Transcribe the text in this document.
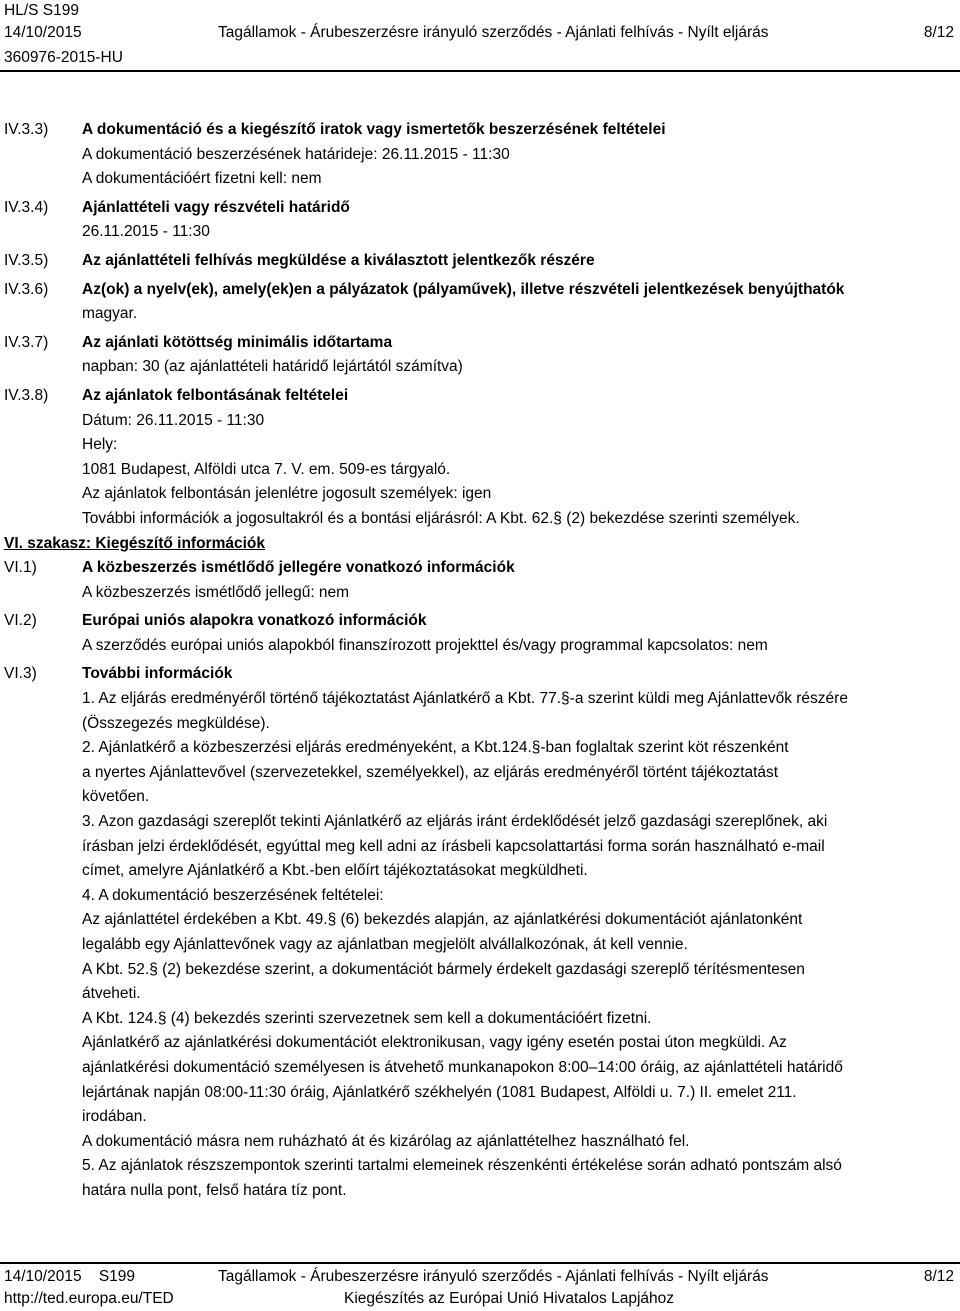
HL/S S199
14/10/2015	Tagállamok - Árubeszerzésre irányuló szerződés - Ajánlati felhívás - Nyílt eljárás	8/12
360976-2015-HU
IV.3.3)	A dokumentáció és a kiegészítő iratok vagy ismertetők beszerzésének feltételei
A dokumentáció beszerzésének határideje: 26.11.2015 - 11:30
A dokumentációért fizetni kell: nem
IV.3.4)	Ajánlattételi vagy részvételi határidő
26.11.2015 - 11:30
IV.3.5)	Az ajánlattételi felhívás megküldése a kiválasztott jelentkezők részére
IV.3.6)	Az(ok) a nyelv(ek), amely(ek)en a pályázatok (pályaművek), illetve részvételi jelentkezések benyújthatók
magyar.
IV.3.7)	Az ajánlati kötöttség minimális időtartama
napban: 30 (az ajánlattételi határidő lejártától számítva)
IV.3.8)	Az ajánlatok felbontásának feltételei
Dátum: 26.11.2015 - 11:30
Hely:
1081 Budapest, Alföldi utca 7. V. em. 509-es tárgyaló.
Az ajánlatok felbontásán jelenlétre jogosult személyek: igen
További információk a jogosultakról és a bontási eljárásról: A Kbt. 62.§ (2) bekezdése szerinti személyek.
VI. szakasz: Kiegészítő információk
VI.1)	A közbeszerzés ismétlődő jellegére vonatkozó információk
A közbeszerzés ismétlődő jellegű: nem
VI.2)	Európai uniós alapokra vonatkozó információk
A szerződés európai uniós alapokból finanszírozott projekttel és/vagy programmal kapcsolatos: nem
VI.3)	További információk
1. Az eljárás eredményéről történő tájékoztatást Ajánlatkérő a Kbt. 77.§-a szerint küldi meg Ajánlattevők részére
(Összegezés megküldése).
2. Ajánlatkérő a közbeszerzési eljárás eredményeként, a Kbt.124.§-ban foglaltak szerint köt részenként
a nyertes Ajánlattevővel (szervezetekkel, személyekkel), az eljárás eredményéről történt tájékoztatást
követően.
3. Azon gazdasági szereplőt tekinti Ajánlatkérő az eljárás iránt érdeklődését jelző gazdasági szereplőnek, aki
írásban jelzi érdeklődését, egyúttal meg kell adni az írásbeli kapcsolattartási forma során használható e-mail
címet, amelyre Ajánlatkérő a Kbt.-ben előírt tájékoztatásokat megküldheti.
4. A dokumentáció beszerzésének feltételei:
Az ajánlattétel érdekében a Kbt. 49.§ (6) bekezdés alapján, az ajánlatkérési dokumentációt ajánlatonként
legalább egy Ajánlattevőnek vagy az ajánlatban megjelölt alvállalkozónak, át kell vennie.
A Kbt. 52.§ (2) bekezdése szerint, a dokumentációt bármely érdekelt gazdasági szereplő térítésmentesen
átveheti.
A Kbt. 124.§ (4) bekezdés szerinti szervezetnek sem kell a dokumentációért fizetni.
Ajánlatkérő az ajánlatkérési dokumentációt elektronikusan, vagy igény esetén postai úton megküldi. Az
ajánlatkérési dokumentáció személyesen is átvehető munkanapokon 8:00–14:00 óráig, az ajánlattételi határidő
lejártának napján 08:00-11:30 óráig, Ajánlatkérő székhelyén (1081 Budapest, Alföldi u. 7.) II. emelet 211.
irodában.
A dokumentáció másra nem ruházható át és kizárólag az ajánlattételhez használható fel.
5. Az ajánlatok részszempontok szerinti tartalmi elemeinek részenkénti értékelése során adható pontszám alsó
határa nulla pont, felső határa tíz pont.
14/10/2015 S199	Tagállamok - Árubeszerzésre irányuló szerződés - Ajánlati felhívás - Nyílt eljárás	8/12
http://ted.europa.eu/TED	Kiegészítés az Európai Unió Hivatalos Lapjához
